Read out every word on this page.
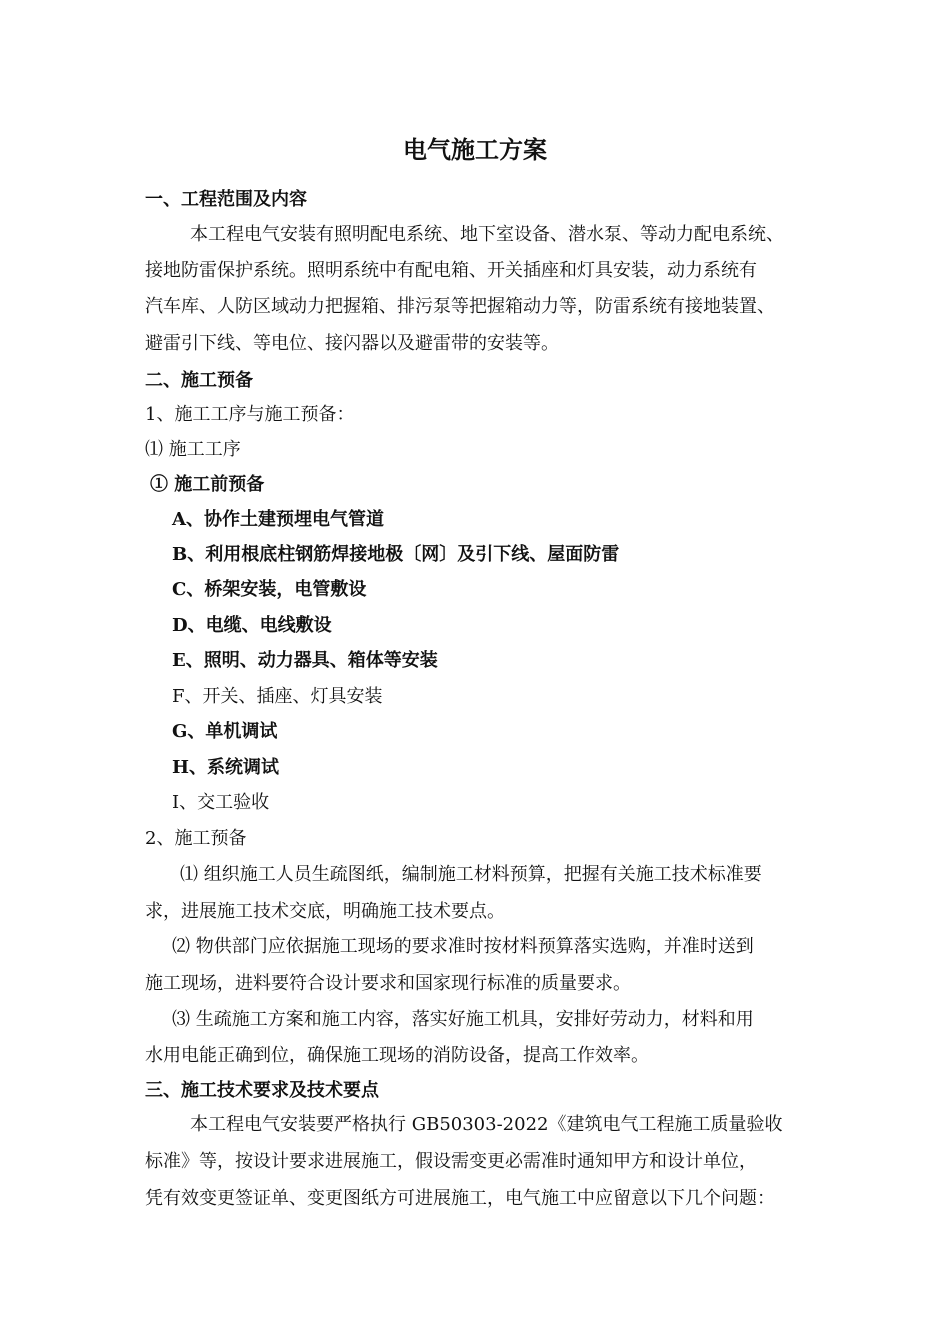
电气施工方案
一、工程范围及内容
本工程电气安装有照明配电系统、地下室设备、潜水泵、等动力配电系统、
接地防雷保护系统。照明系统中有配电箱、开关插座和灯具安装，动力系统有
汽车库、人防区域动力把握箱、排污泵等把握箱动力等，防雷系统有接地装置、
避雷引下线、等电位、接闪器以及避雷带的安装等。
二、施工预备
1、施工工序与施工预备：
⑴ 施工工序
① 施工前预备
A、协作土建预埋电气管道
B、利用根底柱钢筋焊接地极〔网〕及引下线、屋面防雷
C、桥架安装，电管敷设
D、电缆、电线敷设
E、照明、动力器具、箱体等安装
F、开关、插座、灯具安装
G、单机调试
H、系统调试
I、交工验收
2、施工预备
⑴ 组织施工人员生疏图纸，编制施工材料预算，把握有关施工技术标准要
求，进展施工技术交底，明确施工技术要点。
⑵ 物供部门应依据施工现场的要求准时按材料预算落实选购，并准时送到
施工现场，进料要符合设计要求和国家现行标准的质量要求。
⑶ 生疏施工方案和施工内容，落实好施工机具，安排好劳动力，材料和用
水用电能正确到位，确保施工现场的消防设备，提高工作效率。
三、施工技术要求及技术要点
本工程电气安装要严格执行 GB50303-2022《建筑电气工程施工质量验收
标准》等，按设计要求进展施工，假设需变更必需准时通知甲方和设计单位，
凭有效变更签证单、变更图纸方可进展施工，电气施工中应留意以下几个问题：
